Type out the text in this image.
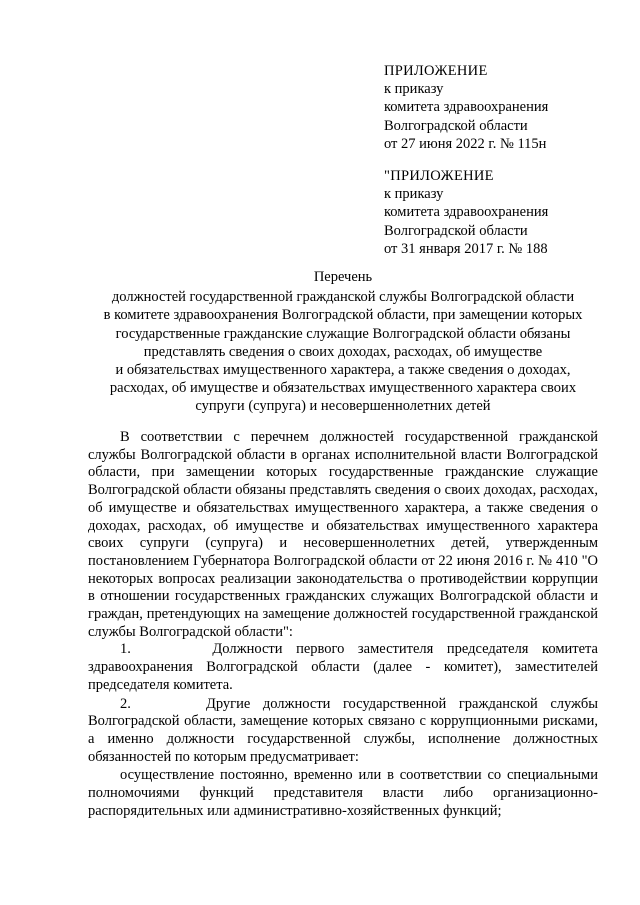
ПРИЛОЖЕНИЕ
к приказу
комитета здравоохранения
Волгоградской области
от 27 июня 2022 г. № 115н
"ПРИЛОЖЕНИЕ
к приказу
комитета здравоохранения
Волгоградской области
от 31 января 2017 г. № 188
Перечень
должностей государственной гражданской службы Волгоградской области
в комитете здравоохранения Волгоградской области, при замещении которых
государственные гражданские служащие Волгоградской области обязаны
представлять сведения о своих доходах, расходах, об имуществе
и обязательствах имущественного характера, а также сведения о доходах,
расходах, об имуществе и обязательствах имущественного характера своих
супруги (супруга) и несовершеннолетних детей

В соответствии с перечнем должностей государственной гражданской службы Волгоградской области в органах исполнительной власти Волгоградской области, при замещении которых государственные гражданские служащие Волгоградской области обязаны представлять сведения о своих доходах, расходах, об имуществе и обязательствах имущественного характера, а также сведения о доходах, расходах, об имуществе и обязательствах имущественного характера своих супруги (супруга) и несовершеннолетних детей, утвержденным постановлением Губернатора Волгоградской области от 22 июня 2016 г. № 410 "О некоторых вопросах реализации законодательства о противодействии коррупции в отношении государственных гражданских служащих Волгоградской области и граждан, претендующих на замещение должностей государственной гражданской службы Волгоградской области":

1.      Должности первого заместителя председателя комитета здравоохранения Волгоградской области (далее - комитет), заместителей председателя комитета.

2.      Другие должности государственной гражданской службы Волгоградской области, замещение которых связано с коррупционными рисками, а именно должности государственной службы, исполнение должностных обязанностей по которым предусматривает:

осуществление постоянно, временно или в соответствии со специальными полномочиями функций представителя власти либо организационно-распорядительных или административно-хозяйственных функций;
